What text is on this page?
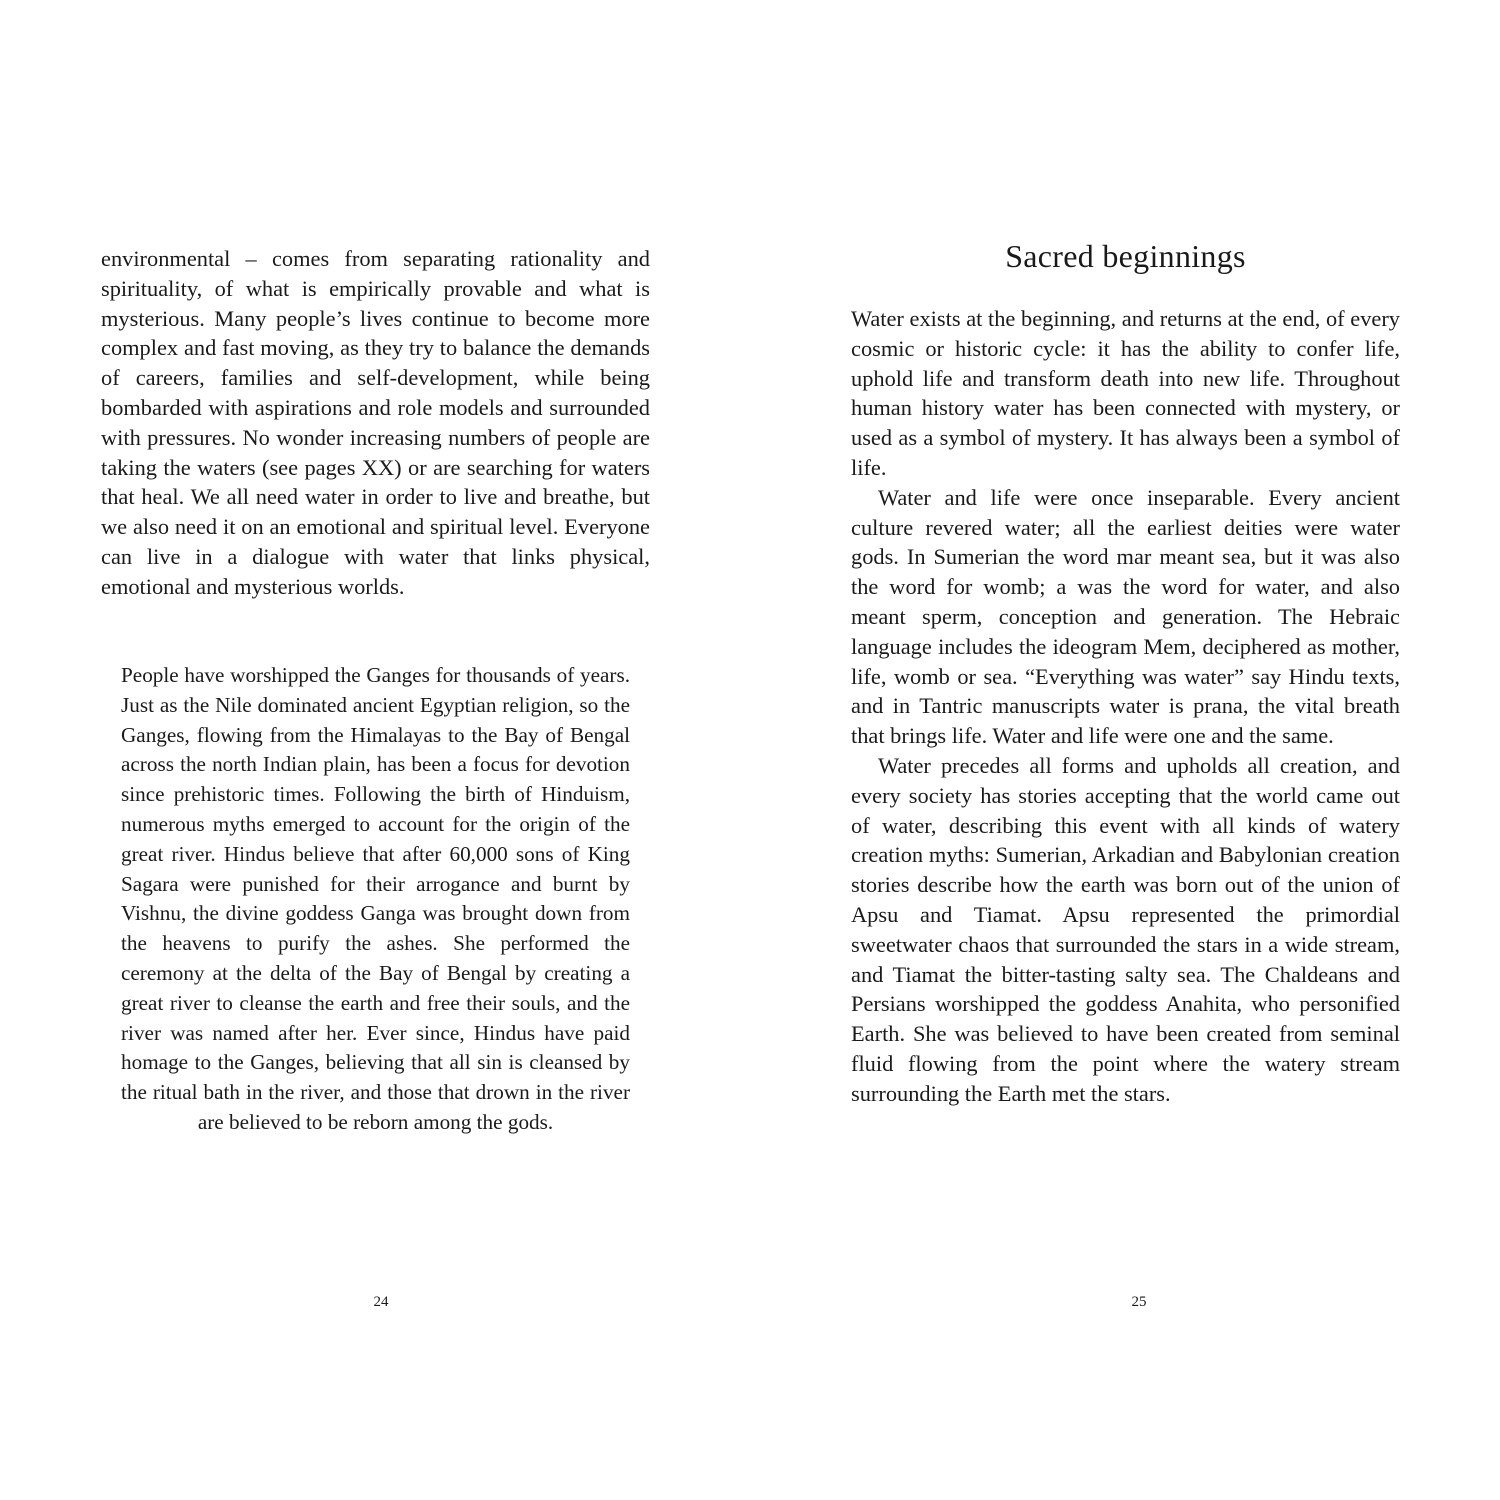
environmental – comes from separating rationality and spirituality, of what is empirically provable and what is mysterious. Many people’s lives continue to become more complex and fast moving, as they try to balance the demands of careers, families and self-development, while being bombarded with aspirations and role models and surrounded with pressures. No wonder increasing numbers of people are taking the waters (see pages XX) or are searching for waters that heal. We all need water in order to live and breathe, but we also need it on an emotional and spiritual level. Everyone can live in a dialogue with water that links physical, emotional and mysterious worlds.

People have worshipped the Ganges for thousands of years. Just as the Nile dominated ancient Egyptian religion, so the Ganges, flowing from the Himalayas to the Bay of Bengal across the north Indian plain, has been a focus for devotion since prehistoric times. Following the birth of Hinduism, numerous myths emerged to account for the origin of the great river. Hindus believe that after 60,000 sons of King Sagara were punished for their arrogance and burnt by Vishnu, the divine goddess Ganga was brought down from the heavens to purify the ashes. She performed the ceremony at the delta of the Bay of Bengal by creating a great river to cleanse the earth and free their souls, and the river was named after her. Ever since, Hindus have paid homage to the Ganges, believing that all sin is cleansed by the ritual bath in the river, and those that drown in the river are believed to be reborn among the gods.

24
Sacred beginnings

Water exists at the beginning, and returns at the end, of every cosmic or historic cycle: it has the ability to confer life, uphold life and transform death into new life. Throughout human history water has been connected with mystery, or used as a symbol of mystery. It has always been a symbol of life.

Water and life were once inseparable. Every ancient culture revered water; all the earliest deities were water gods. In Sumerian the word mar meant sea, but it was also the word for womb; a was the word for water, and also meant sperm, conception and generation. The Hebraic language includes the ideogram Mem, deciphered as mother, life, womb or sea. “Everything was water” say Hindu texts, and in Tantric manuscripts water is prana, the vital breath that brings life. Water and life were one and the same.

Water precedes all forms and upholds all creation, and every society has stories accepting that the world came out of water, describing this event with all kinds of watery creation myths: Sumerian, Arkadian and Babylonian creation stories describe how the earth was born out of the union of Apsu and Tiamat. Apsu represented the primordial sweetwater chaos that surrounded the stars in a wide stream, and Tiamat the bitter-tasting salty sea. The Chaldeans and Persians worshipped the goddess Anahita, who personified Earth. She was believed to have been created from seminal fluid flowing from the point where the watery stream surrounding the Earth met the stars.

25
